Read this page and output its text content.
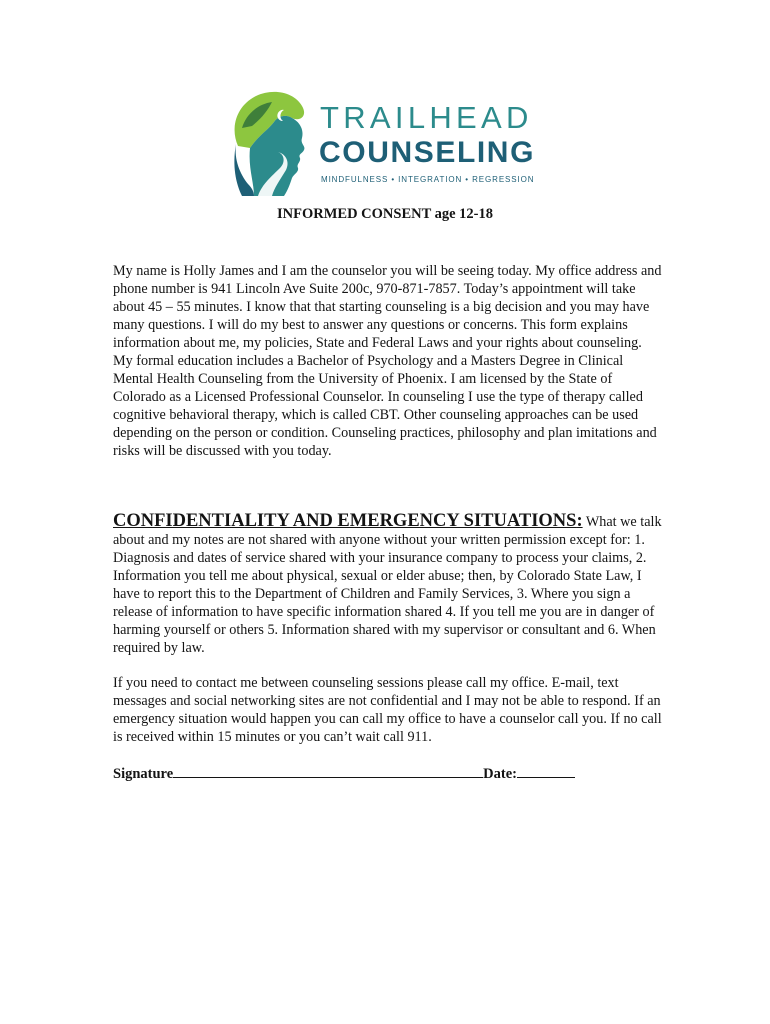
TRAILHEAD
COUNSELING
MINDFULNESS • INTEGRATION • REGRESSION
INFORMED CONSENT age 12-18

My name is Holly James and I am the counselor you will be seeing today. My office address and phone number is 941 Lincoln Ave Suite 200c, 970-871-7857. Today’s appointment will take about 45 – 55 minutes. I know that that starting counseling is a big decision and you may have many questions. I will do my best to answer any questions or concerns. This form explains information about me, my policies, State and Federal Laws and your rights about counseling. My formal education includes a Bachelor of Psychology and a Masters Degree in Clinical Mental Health Counseling from the University of Phoenix. I am licensed by the State of Colorado as a Licensed Professional Counselor. In counseling I use the type of therapy called cognitive behavioral therapy, which is called CBT. Other counseling approaches can be used depending on the person or condition. Counseling practices, philosophy and plan imitations and risks will be discussed with you today.

CONFIDENTIALITY AND EMERGENCY SITUATIONS: What we talk about and my notes are not shared with anyone without your written permission except for: 1. Diagnosis and dates of service shared with your insurance company to process your claims, 2. Information you tell me about physical, sexual or elder abuse; then, by Colorado State Law, I have to report this to the Department of Children and Family Services, 3. Where you sign a release of information to have specific information shared 4. If you tell me you are in danger of harming yourself or others 5. Information shared with my supervisor or consultant and 6. When required by law.

If you need to contact me between counseling sessions please call my office. E-mail, text messages and social networking sites are not confidential and I may not be able to respond. If an emergency situation would happen you can call my office to have a counselor call you. If no call is received within 15 minutes or you can’t wait call 911.

Signature	Date:
